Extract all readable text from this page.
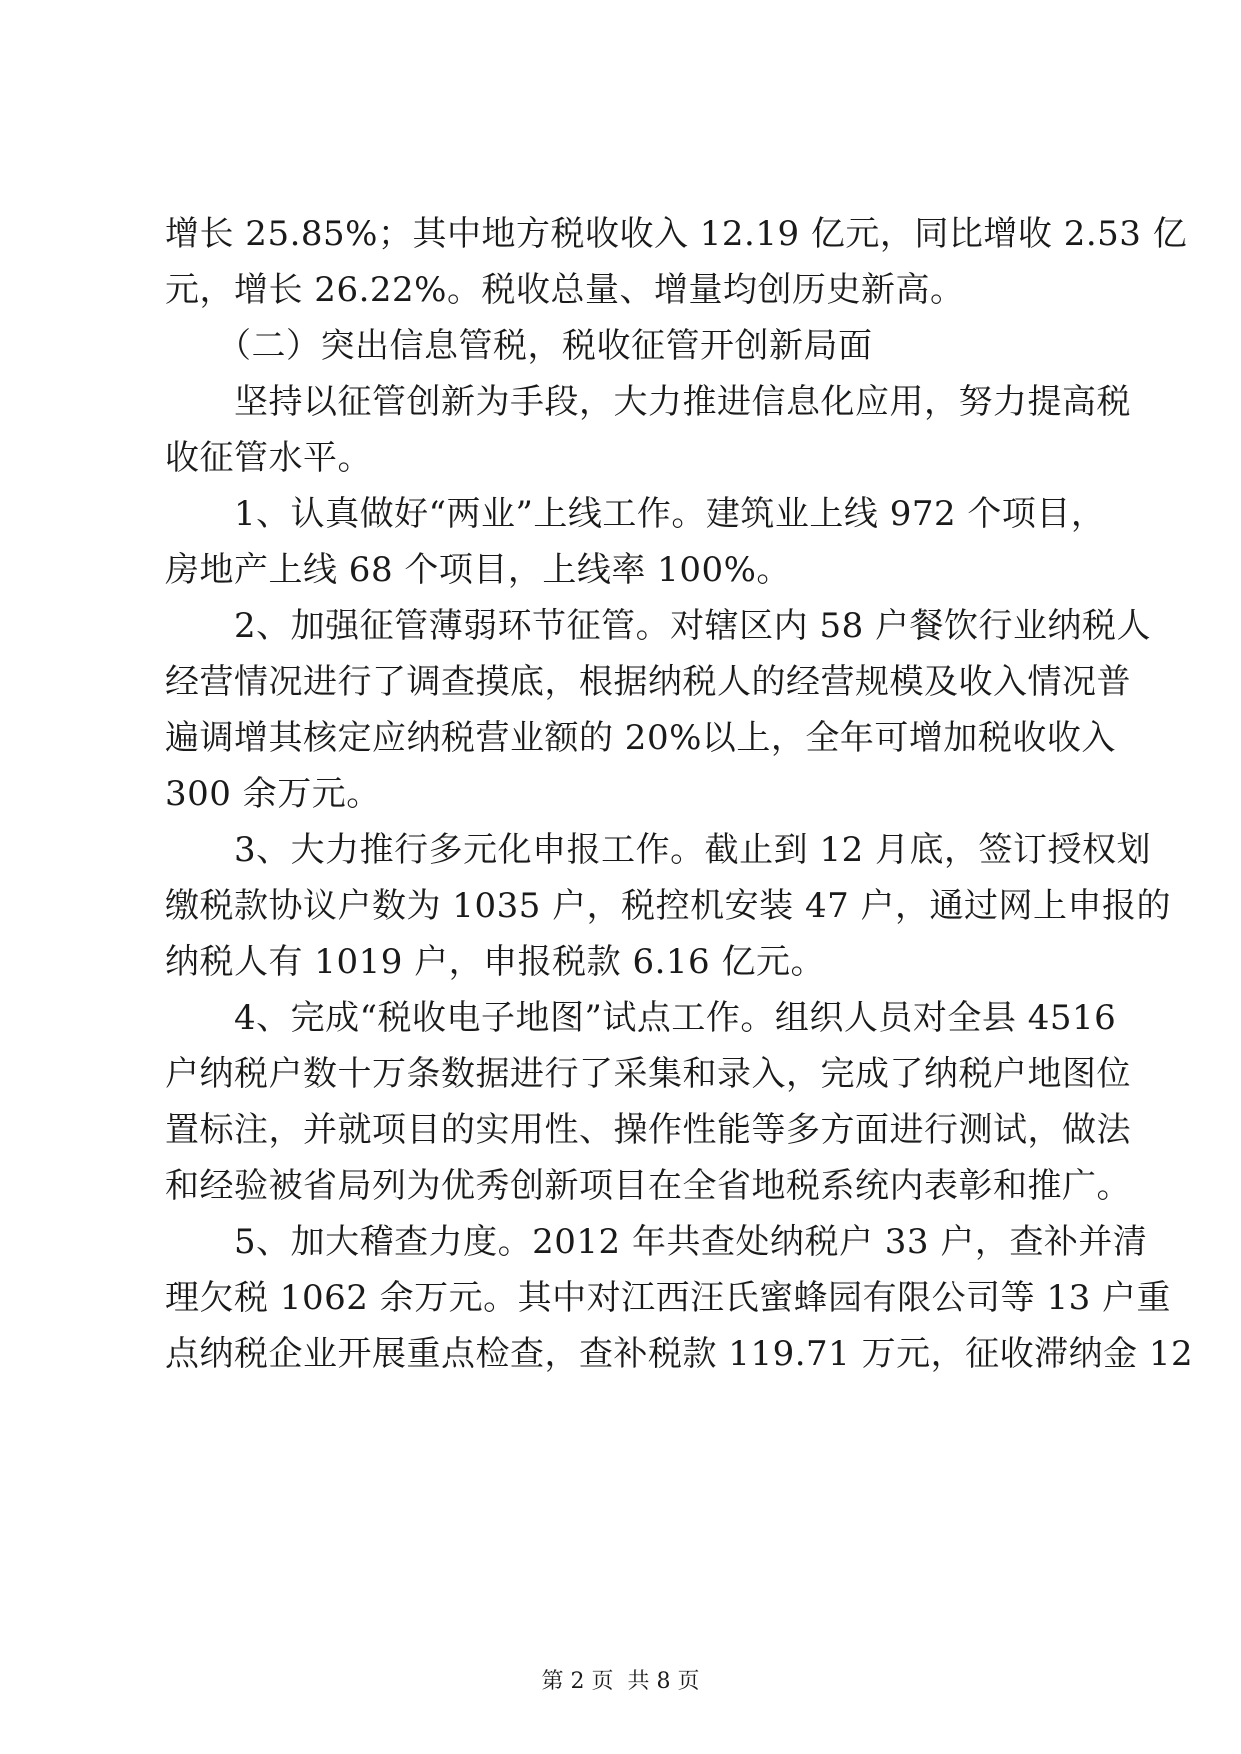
增长 25.85%；其中地方税收收入 12.19 亿元，同比增收 2.53 亿
元，增长 26.22%。税收总量、增量均创历史新高。
　　（二）突出信息管税，税收征管开创新局面
　　坚持以征管创新为手段，大力推进信息化应用，努力提高税
收征管水平。
　　1、认真做好“两业”上线工作。建筑业上线 972 个项目，
房地产上线 68 个项目，上线率 100%。
　　2、加强征管薄弱环节征管。对辖区内 58 户餐饮行业纳税人
经营情况进行了调查摸底，根据纳税人的经营规模及收入情况普
遍调增其核定应纳税营业额的 20%以上，全年可增加税收收入
300 余万元。
　　3、大力推行多元化申报工作。截止到 12 月底，签订授权划
缴税款协议户数为 1035 户，税控机安装 47 户，通过网上申报的
纳税人有 1019 户，申报税款 6.16 亿元。
　　4、完成“税收电子地图”试点工作。组织人员对全县 4516
户纳税户数十万条数据进行了采集和录入，完成了纳税户地图位
置标注，并就项目的实用性、操作性能等多方面进行测试，做法
和经验被省局列为优秀创新项目在全省地税系统内表彰和推广。
　　5、加大稽查力度。2012 年共查处纳税户 33 户，查补并清
理欠税 1062 余万元。其中对江西汪氏蜜蜂园有限公司等 13 户重
点纳税企业开展重点检查，查补税款 119.71 万元，征收滞纳金 12
第 2 页  共 8 页
